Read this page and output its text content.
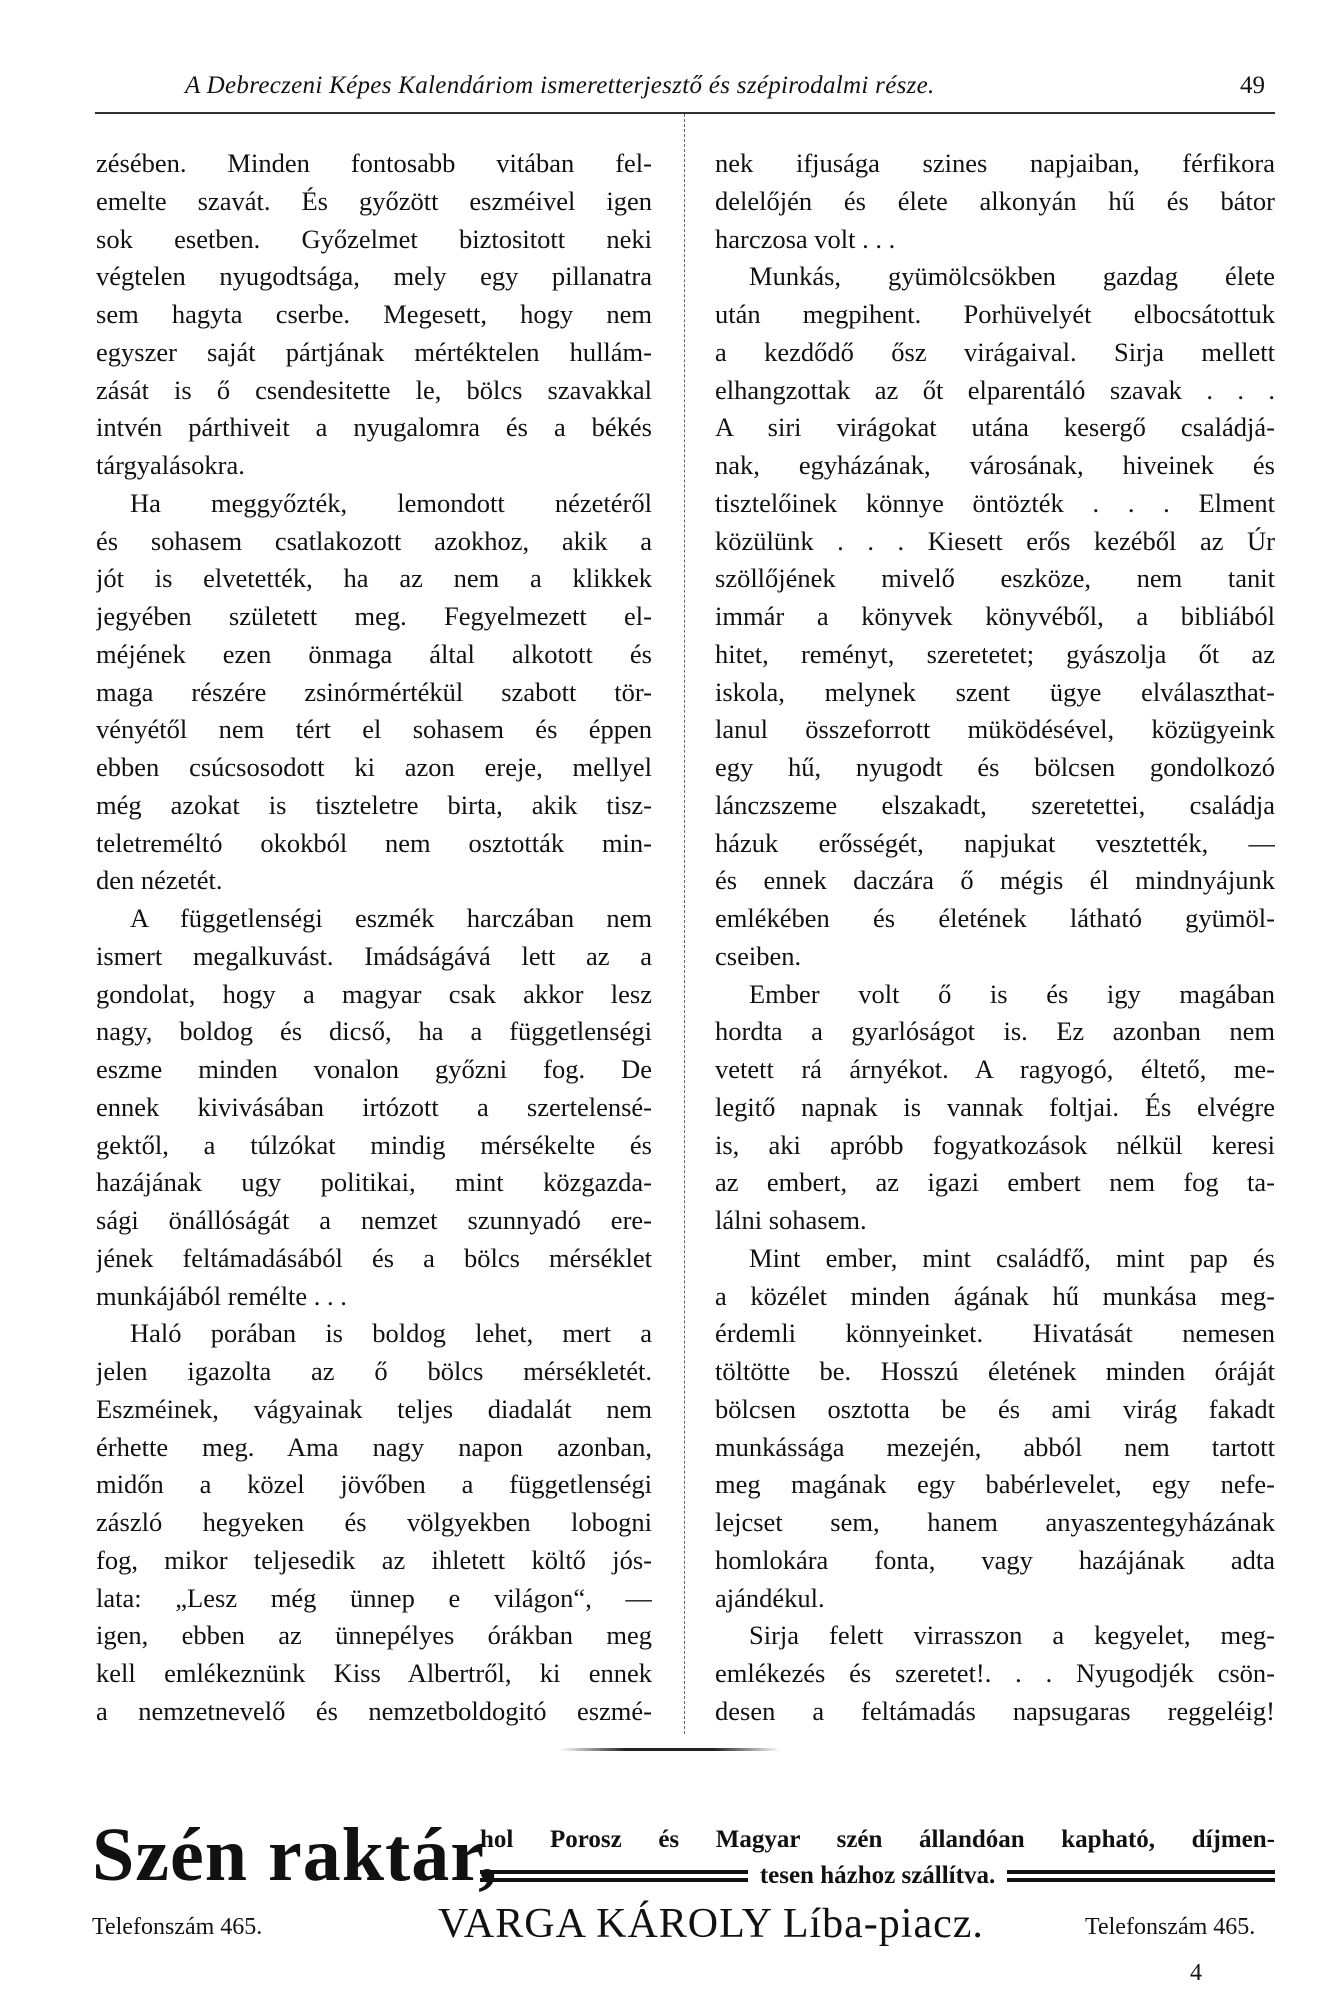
A Debreczeni Képes Kalendáriom ismeretterjesztő és szépirodalmi része.	49
zésében. Minden fontosabb vitában fel-
emelte szavát. És győzött eszméivel igen
sok esetben. Győzelmet biztositott neki
végtelen nyugodtsága, mely egy pillanatra
sem hagyta cserbe. Megesett, hogy nem
egyszer saját pártjának mértéktelen hullám-
zását is ő csendesitette le, bölcs szavakkal
intvén párthiveit a nyugalomra és a békés
tárgyalásokra.
Ha meggyőzték, lemondott nézetéről
és sohasem csatlakozott azokhoz, akik a
jót is elvetették, ha az nem a klikkek
jegyében született meg. Fegyelmezett el-
méjének ezen önmaga által alkotott és
maga részére zsinórmértékül szabott tör-
vényétől nem tért el sohasem és éppen
ebben csúcsosodott ki azon ereje, mellyel
még azokat is tiszteletre birta, akik tisz-
teletreméltó okokból nem osztották min-
den nézetét.
A függetlenségi eszmék harczában nem
ismert megalkuvást. Imádságává lett az a
gondolat, hogy a magyar csak akkor lesz
nagy, boldog és dicső, ha a függetlenségi
eszme minden vonalon győzni fog. De
ennek kivivásában irtózott a szertelensé-
gektől, a túlzókat mindig mérsékelte és
hazájának ugy politikai, mint közgazda-
sági önállóságát a nemzet szunnyadó ere-
jének feltámadásából és a bölcs mérséklet
munkájából remélte . . .
Haló porában is boldog lehet, mert a
jelen igazolta az ő bölcs mérsékletét.
Eszméinek, vágyainak teljes diadalát nem
érhette meg. Ama nagy napon azonban,
midőn a közel jövőben a függetlenségi
zászló hegyeken és völgyekben lobogni
fog, mikor teljesedik az ihletett költő jós-
lata: „Lesz még ünnep e világon“, —
igen, ebben az ünnepélyes órákban meg
kell emlékeznünk Kiss Albertről, ki ennek
a nemzetnevelő és nemzetboldogitó eszmé-
nek ifjusága szines napjaiban, férfikora
delelőjén és élete alkonyán hű és bátor
harczosa volt . . .
Munkás, gyümölcsökben gazdag élete
után megpihent. Porhüvelyét elbocsátottuk
a kezdődő ősz virágaival. Sirja mellett
elhangzottak az őt elparentáló szavak . . .
A siri virágokat utána kesergő családjá-
nak, egyházának, városának, hiveinek és
tisztelőinek könnye öntözték . . . Elment
közülünk . . . Kiesett erős kezéből az Úr
szöllőjének mivelő eszköze, nem tanit
immár a könyvek könyvéből, a bibliából
hitet, reményt, szeretetet; gyászolja őt az
iskola, melynek szent ügye elválaszthat-
lanul összeforrott müködésével, közügyeink
egy hű, nyugodt és bölcsen gondolkozó
lánczszeme elszakadt, szeretettei, családja
házuk erősségét, napjukat vesztették, —
és ennek daczára ő mégis él mindnyájunk
emlékében és életének látható gyümöl-
cseiben.
Ember volt ő is és igy magában
hordta a gyarlóságot is. Ez azonban nem
vetett rá árnyékot. A ragyogó, éltető, me-
legitő napnak is vannak foltjai. És elvégre
is, aki apróbb fogyatkozások nélkül keresi
az embert, az igazi embert nem fog ta-
lálni sohasem.
Mint ember, mint családfő, mint pap és
a közélet minden ágának hű munkása meg-
érdemli könnyeinket. Hivatását nemesen
töltötte be. Hosszú életének minden óráját
bölcsen osztotta be és ami virág fakadt
munkássága mezején, abból nem tartott
meg magának egy babérlevelet, egy nefe-
lejcset sem, hanem anyaszentegyházának
homlokára fonta, vagy hazájának adta
ajándékul.
Sirja felett virrasszon a kegyelet, meg-
emlékezés és szeretet!. . . Nyugodjék csön-
desen a feltámadás napsugaras reggeléig!
Szén raktár,
hol Porosz és Magyar szén állandóan kapható, díjmen-
tesen házhoz szállítva.
Telefonszám 465.	VARGA KÁROLY Líba-piacz.	Telefonszám 465.
4
